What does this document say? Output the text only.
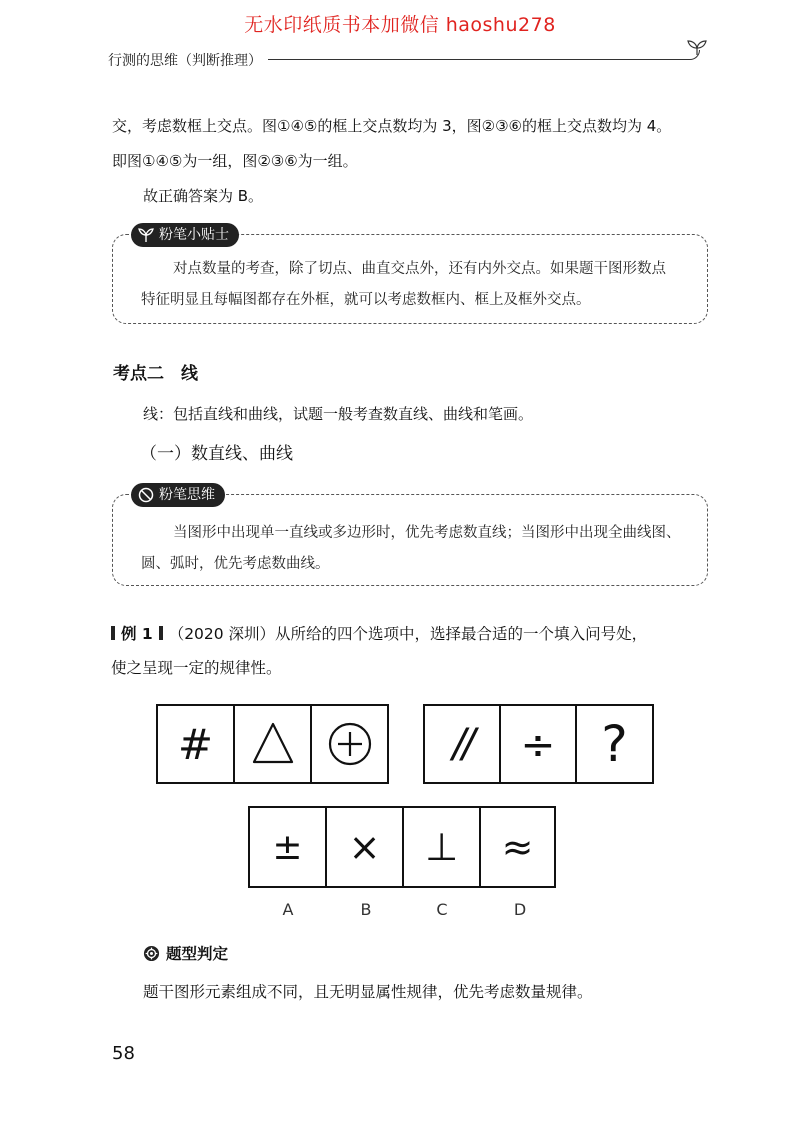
无水印纸质书本加微信 haoshu278
行测的思维（判断推理）
交，考虑数框上交点。图①④⑤的框上交点数均为 3，图②③⑥的框上交点数均为 4。
即图①④⑤为一组，图②③⑥为一组。
故正确答案为 B。
粉笔小贴士
对点数量的考查，除了切点、曲直交点外，还有内外交点。如果题干图形数点
特征明显且每幅图都存在外框，就可以考虑数框内、框上及框外交点。
考点二　线
线：包括直线和曲线，试题一般考查数直线、曲线和笔画。
（一）数直线、曲线
粉笔思维
当图形中出现单一直线或多边形时，优先考虑数直线；当图形中出现全曲线图、
圆、弧时，优先考虑数曲线。
例 1 （2020 深圳）从所给的四个选项中，选择最合适的一个填入问号处，
使之呈现一定的规律性。
#	//	÷ ?
±	×	⊥	≈
A	B	C	D
题型判定
题干图形元素组成不同，且无明显属性规律，优先考虑数量规律。
58
